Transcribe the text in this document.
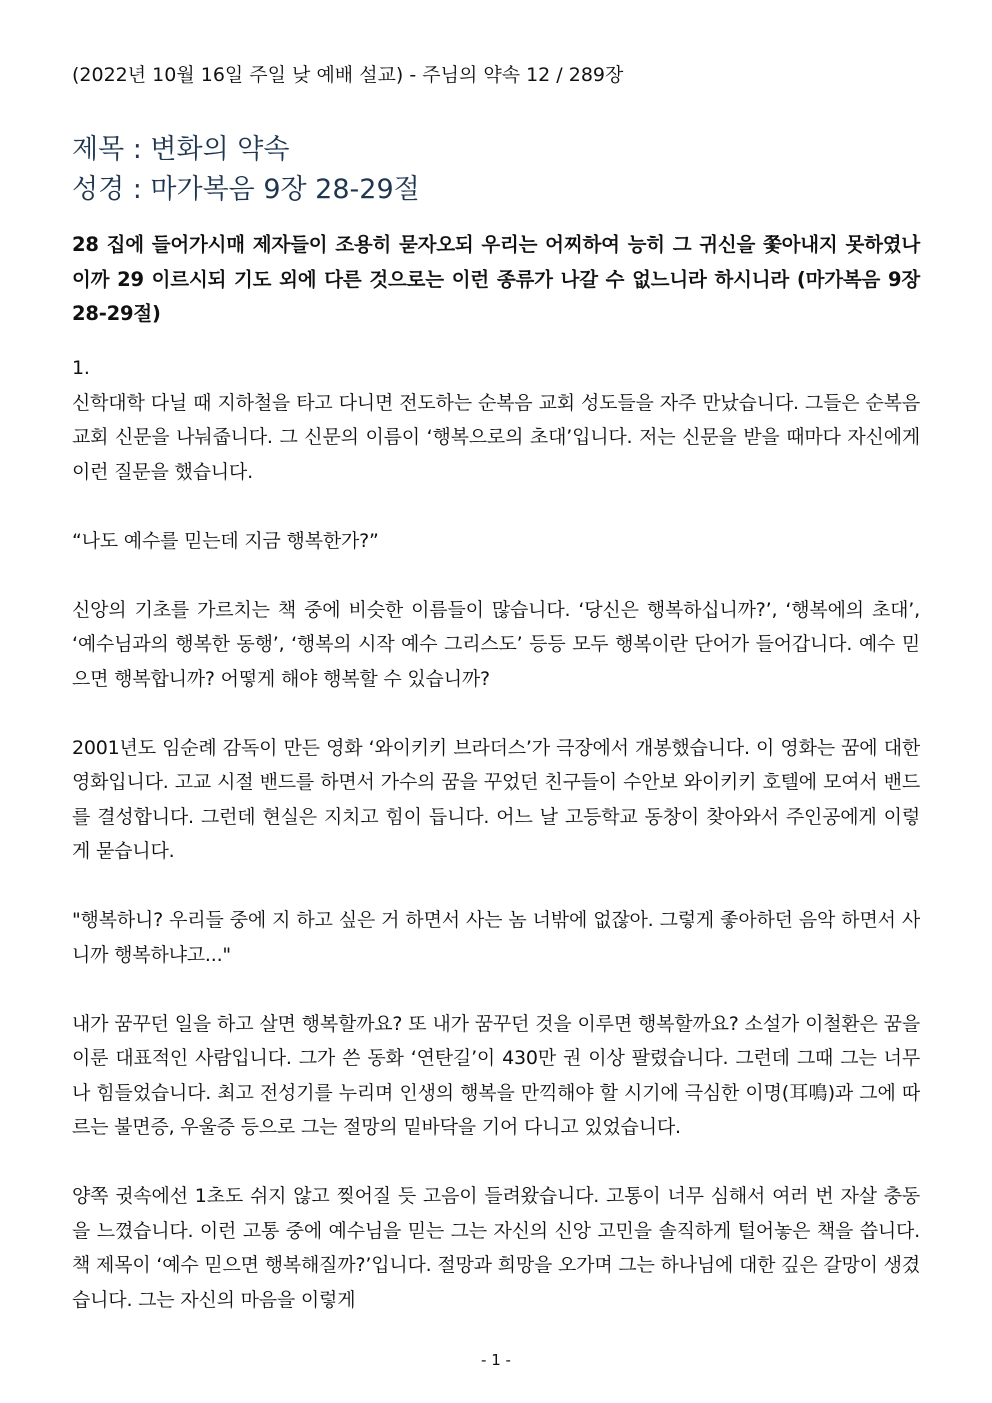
(2022년 10월 16일 주일 낮 예배 설교) - 주님의 약속 12 / 289장

제목 : 변화의 약속

성경 : 마가복음 9장 28-29절

28 집에 들어가시매 제자들이 조용히 묻자오되 우리는 어찌하여 능히 그 귀신을 쫓아내지 못하였나이까 29 이르시되 기도 외에 다른 것으로는 이런 종류가 나갈 수 없느니라 하시니라 (마가복음 9장 28-29절)

1.

신학대학 다닐 때 지하철을 타고 다니면 전도하는 순복음 교회 성도들을 자주 만났습니다. 그들은 순복음교회 신문을 나눠줍니다. 그 신문의 이름이 ‘행복으로의 초대’입니다. 저는 신문을 받을 때마다 자신에게 이런 질문을 했습니다.

“나도 예수를 믿는데 지금 행복한가?”

신앙의 기초를 가르치는 책 중에 비슷한 이름들이 많습니다. ‘당신은 행복하십니까?’, ‘행복에의 초대’, ‘예수님과의 행복한 동행’, ‘행복의 시작 예수 그리스도’ 등등 모두 행복이란 단어가 들어갑니다. 예수 믿으면 행복합니까? 어떻게 해야 행복할 수 있습니까?

2001년도 임순례 감독이 만든 영화 ‘와이키키 브라더스’가 극장에서 개봉했습니다. 이 영화는 꿈에 대한 영화입니다. 고교 시절 밴드를 하면서 가수의 꿈을 꾸었던 친구들이 수안보 와이키키 호텔에 모여서 밴드를 결성합니다. 그런데 현실은 지치고 힘이 듭니다. 어느 날 고등학교 동창이 찾아와서 주인공에게 이렇게 묻습니다.

"행복하니? 우리들 중에 지 하고 싶은 거 하면서 사는 놈 너밖에 없잖아. 그렇게 좋아하던 음악 하면서 사니까 행복하냐고..."

내가 꿈꾸던 일을 하고 살면 행복할까요? 또 내가 꿈꾸던 것을 이루면 행복할까요? 소설가 이철환은 꿈을 이룬 대표적인 사람입니다. 그가 쓴 동화 ‘연탄길’이 430만 권 이상 팔렸습니다. 그런데 그때 그는 너무나 힘들었습니다. 최고 전성기를 누리며 인생의 행복을 만끽해야 할 시기에 극심한 이명(耳鳴)과 그에 따르는 불면증, 우울증 등으로 그는 절망의 밑바닥을 기어 다니고 있었습니다.

양쪽 귓속에선 1초도 쉬지 않고 찢어질 듯 고음이 들려왔습니다. 고통이 너무 심해서 여러 번 자살 충동을 느꼈습니다. 이런 고통 중에 예수님을 믿는 그는 자신의 신앙 고민을 솔직하게 털어놓은 책을 씁니다. 책 제목이 ‘예수 믿으면 행복해질까?’입니다. 절망과 희망을 오가며 그는 하나님에 대한 깊은 갈망이 생겼습니다. 그는 자신의 마음을 이렇게

- 1 -
